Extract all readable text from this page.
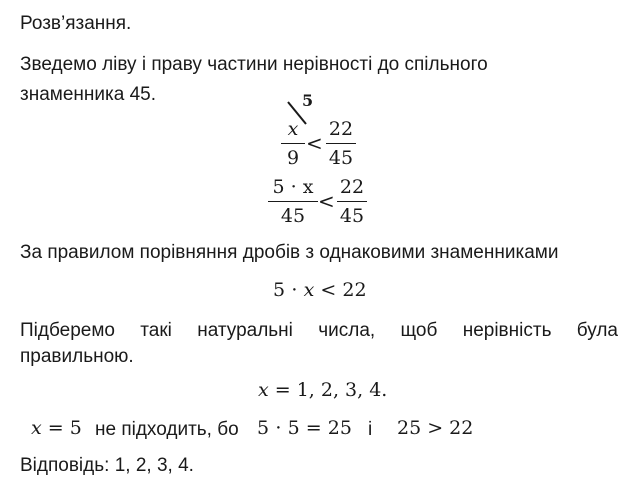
Розв’язання.
Зведемо ліву і праву частини нерівності до спільного
знаменника 45.	5
x
9
<
22
45
5 · x
45
<
22
45
За правилом порівняння дробів з однаковими знаменниками
5 ⋅ x < 22
Підберемо такі натуральні числа, щоб нерівність була
правильною.
x = 1, 2, 3, 4.
x = 5 не підходить, бо 5 ⋅ 5 = 25 і 25 > 22
Відповідь: 1, 2, 3, 4.
